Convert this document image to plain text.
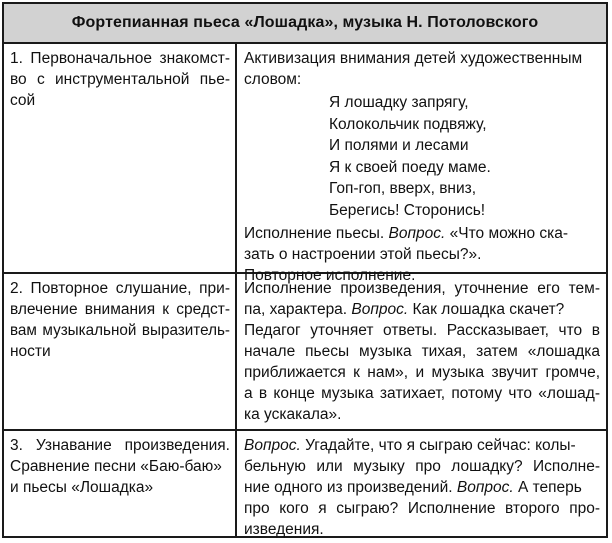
Фортепианная пьеса «Лошадка», музыка Н. Потоловского
1. Первоначальное знакомст-
во с инструментальной пье-
сой
Активизация внимания детей художественным
словом:
Я лошадку запрягу,
Колокольчик подвяжу,
И полями и лесами
Я к своей поеду маме.
Гоп-гоп, вверх, вниз,
Берегись! Сторонись!
Исполнение пьесы. Вопрос. «Что можно ска-
зать о настроении этой пьесы?».
Повторное исполнение.
2. Повторное слушание, при-
влечение внимания к средст-
вам музыкальной выразитель-
ности
Исполнение произведения, уточнение его тем-
па, характера. Вопрос. Как лошадка скачет?
Педагог уточняет ответы. Рассказывает, что в
начале пьесы музыка тихая, затем «лошадка
приближается к нам», и музыка звучит громче,
а в конце музыка затихает, потому что «лошад-
ка ускакала».
3. Узнавание произведения.
Сравнение песни «Баю-баю»
и пьесы «Лошадка»
Вопрос. Угадайте, что я сыграю сейчас: колы-
бельную или музыку про лошадку? Исполне-
ние одного из произведений. Вопрос. А теперь
про кого я сыграю? Исполнение второго про-
изведения.
